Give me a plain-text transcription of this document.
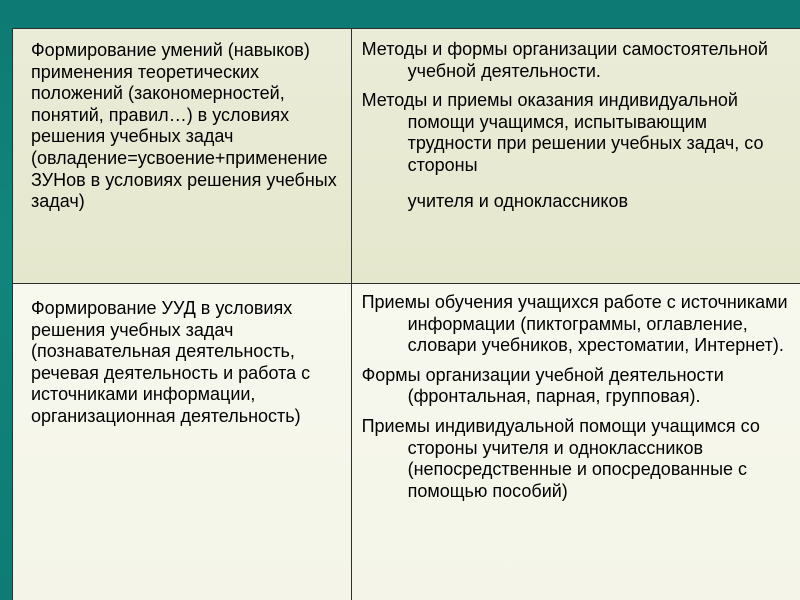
Формирование умений (навыков) применения теоретических положений (закономерностей, понятий, правил…) в условиях решения учебных задач (овладение=усвоение+применение ЗУНов в условиях решения учебных задач)

Методы и формы организации самостоятельной учебной деятельности.

Методы и приемы оказания индивидуальной помощи учащимся, испытывающим трудности при решении учебных задач, со стороны

учителя и одноклассников

Формирование УУД в условиях решения учебных задач (познавательная деятельность, речевая деятельность и работа с источниками информации, организационная деятельность)

Приемы обучения учащихся работе с источниками информации (пиктограммы, оглавление, словари учебников, хрестоматии, Интернет).

Формы организации учебной деятельности (фронтальная, парная, групповая).

Приемы индивидуальной помощи учащимся со стороны учителя и одноклассников (непосредственные и опосредованные с помощью пособий)
